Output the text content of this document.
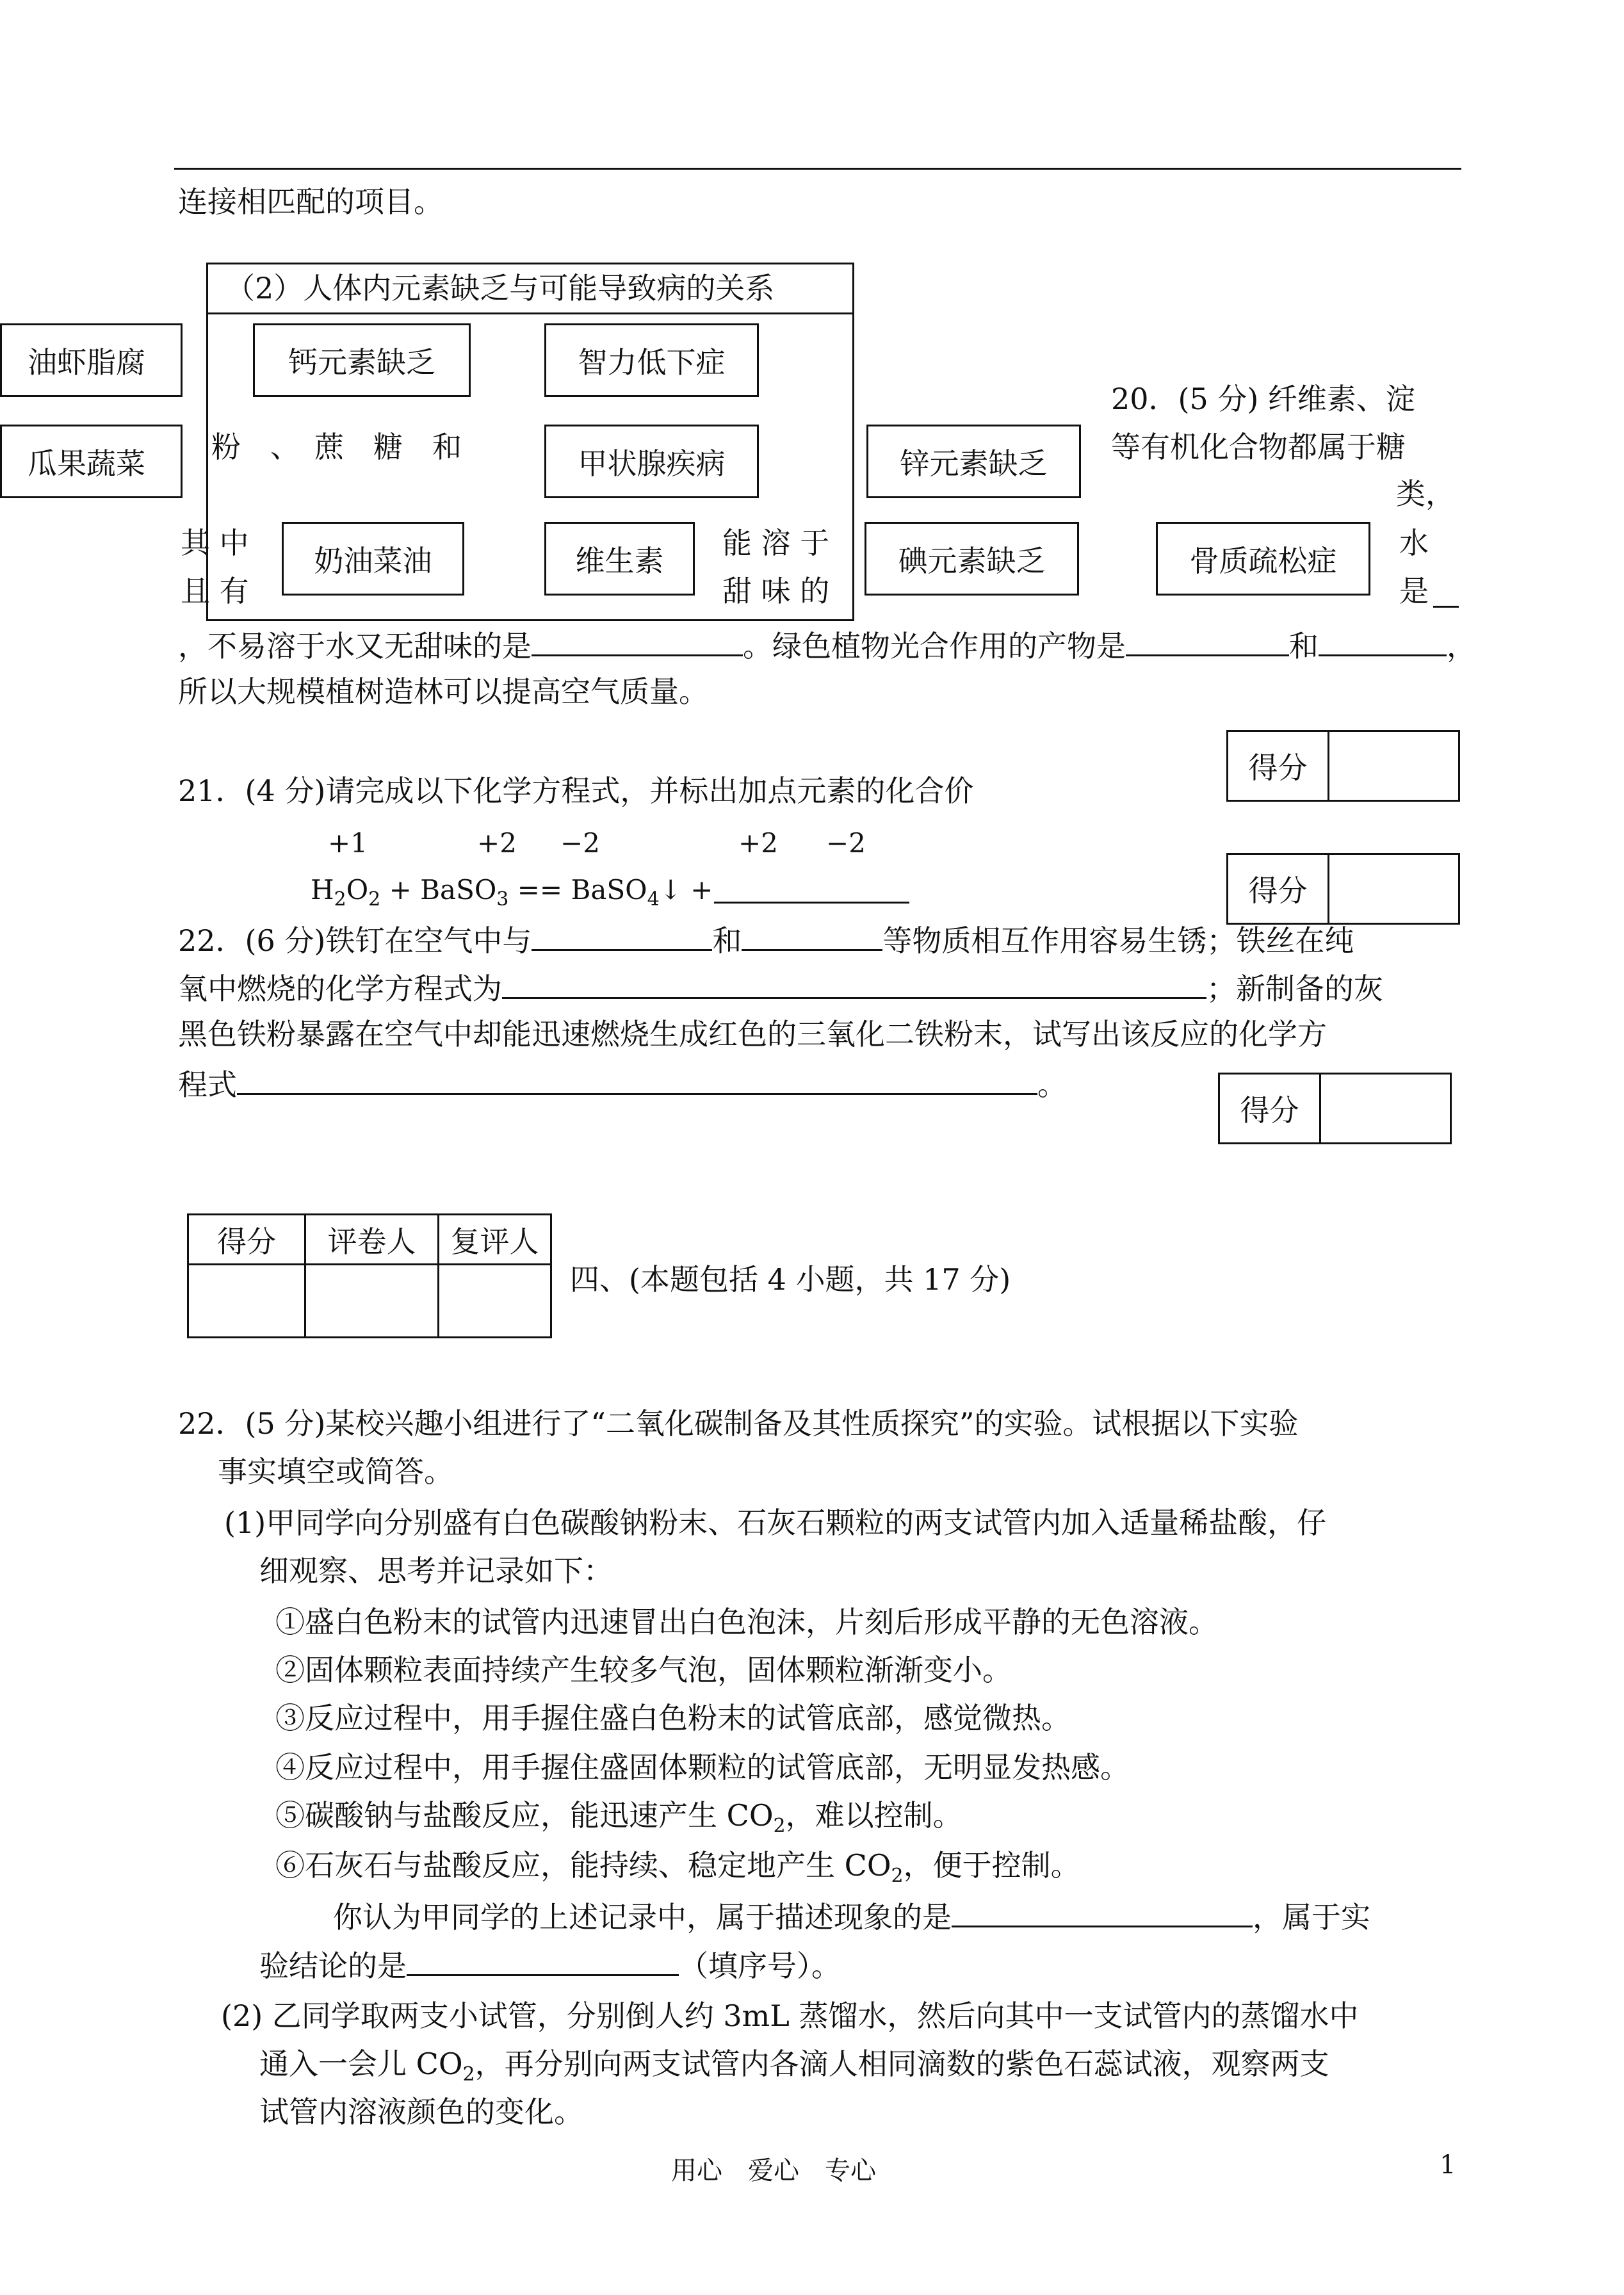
连接相匹配的项目。
（2）人体内元素缺乏与可能导致病的关系
油虾脂腐
瓜果蔬菜
钙元素缺乏	智力低下症
甲状腺疾病	锌元素缺乏
奶油菜油	维生素	碘元素缺乏	骨质疏松症
20．(5 分) 纤维素、淀
等有机化合物都属于糖
粉　、　蔗　糖　和
类，
其 中
且 有
能 溶 于
甜 味 的
水
是
，不易溶于水又无甜味的是	。绿色植物光合作用的产物是	和	，
所以大规模植树造林可以提高空气质量。
得分	
得分	
得分	
21．(4 分)请完成以下化学方程式，并标出加点元素的化合价
+1	+2 −2	+2 −2
$H_2O_2$ + BaSO$_3$ == BaSO$_4$↓ +
22．(6 分)铁钉在空气中与	和	等物质相互作用容易生锈；铁丝在纯
氧中燃烧的化学方程式为	；新制备的灰
黑色铁粉暴露在空气中却能迅速燃烧生成红色的三氧化二铁粉末，试写出该反应的化学方
程式	。
得分	评卷人	复评人

四、(本题包括 4 小题，共 17 分)
22．(5 分)某校兴趣小组进行了“二氧化碳制备及其性质探究”的实验。试根据以下实验
事实填空或简答。
(1)甲同学向分别盛有白色碳酸钠粉末、石灰石颗粒的两支试管内加入适量稀盐酸，仔
细观察、思考并记录如下：
①盛白色粉末的试管内迅速冒出白色泡沫，片刻后形成平静的无色溶液。
②固体颗粒表面持续产生较多气泡，固体颗粒渐渐变小。
③反应过程中，用手握住盛白色粉末的试管底部，感觉微热。
④反应过程中，用手握住盛固体颗粒的试管底部，无明显发热感。
⑤碳酸钠与盐酸反应，能迅速产生 $CO_2$，难以控制。
⑥石灰石与盐酸反应，能持续、稳定地产生 $CO_2$，便于控制。
你认为甲同学的上述记录中，属于描述现象的是	，属于实
验结论的是	（填序号）。
(2) 乙同学取两支小试管，分别倒人约 3mL 蒸馏水，然后向其中一支试管内的蒸馏水中
通入一会儿 $CO_2$，再分别向两支试管内各滴人相同滴数的紫色石蕊试液，观察两支
试管内溶液颜色的变化。
用心　爱心　专心	1
